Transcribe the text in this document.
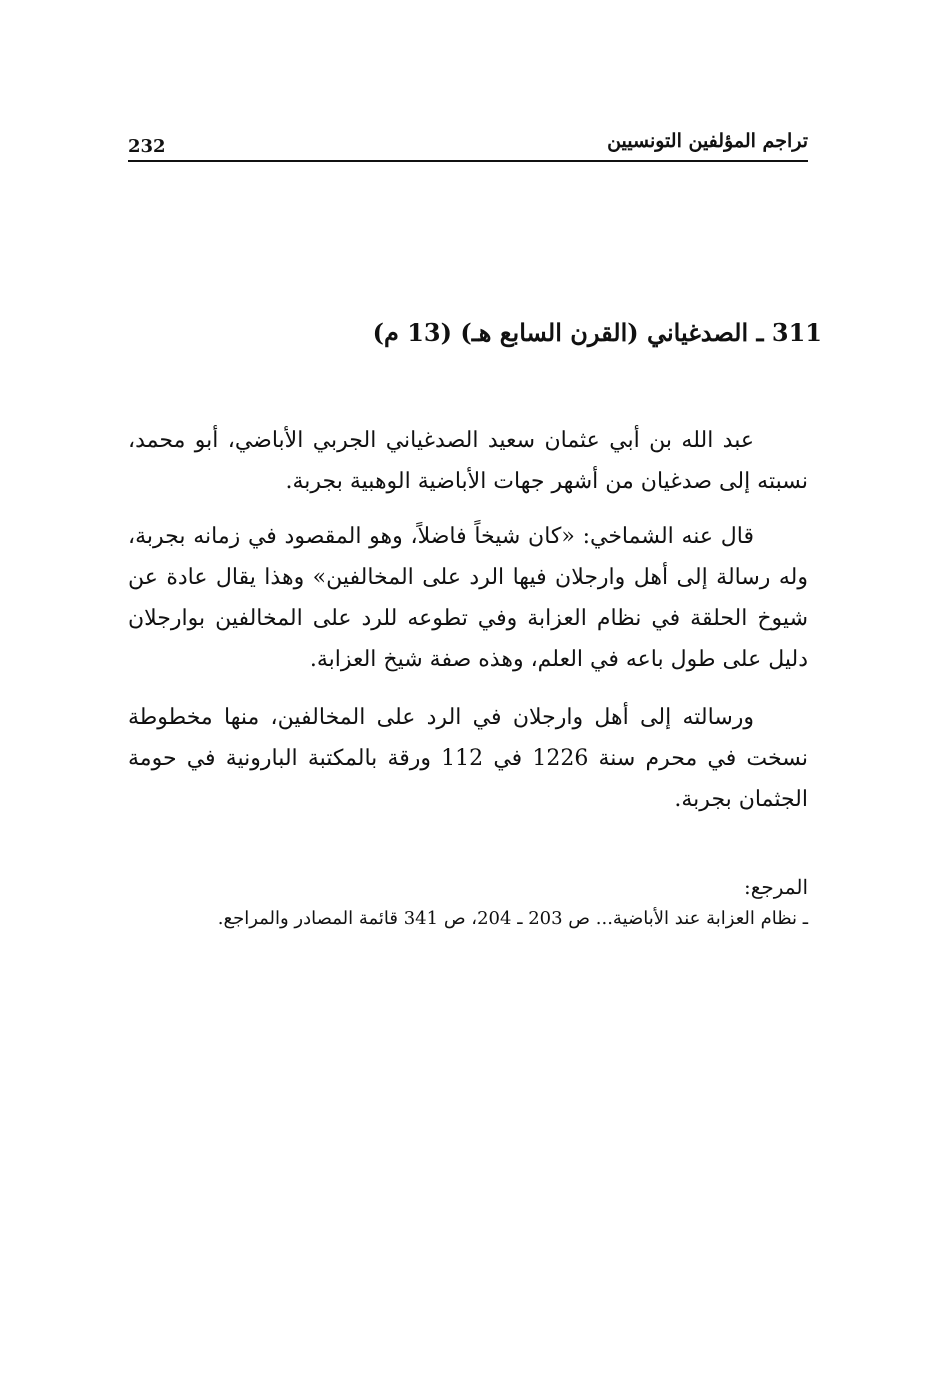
تراجم المؤلفين التونسيين
232
311 ـ الصدغياني (القرن السابع هـ) (13 م)

عبد الله بن أبي عثمان سعيد الصدغياني الجربي الأباضي، أبو محمد، نسبته إلى صدغيان من أشهر جهات الأباضية الوهبية بجربة.

قال عنه الشماخي: «كان شيخاً فاضلاً، وهو المقصود في زمانه بجربة، وله رسالة إلى أهل وارجلان فيها الرد على المخالفين» وهذا يقال عادة عن شيوخ الحلقة في نظام العزابة وفي تطوعه للرد على المخالفين بوارجلان دليل على طول باعه في العلم، وهذه صفة شيخ العزابة.

ورسالته إلى أهل وارجلان في الرد على المخالفين، منها مخطوطة نسخت في محرم سنة 1226 في 112 ورقة بالمكتبة البارونية في حومة الجثمان بجربة.

المرجع:
ـ نظام العزابة عند الأباضية... ص 203 ـ 204، ص 341 قائمة المصادر والمراجع.
